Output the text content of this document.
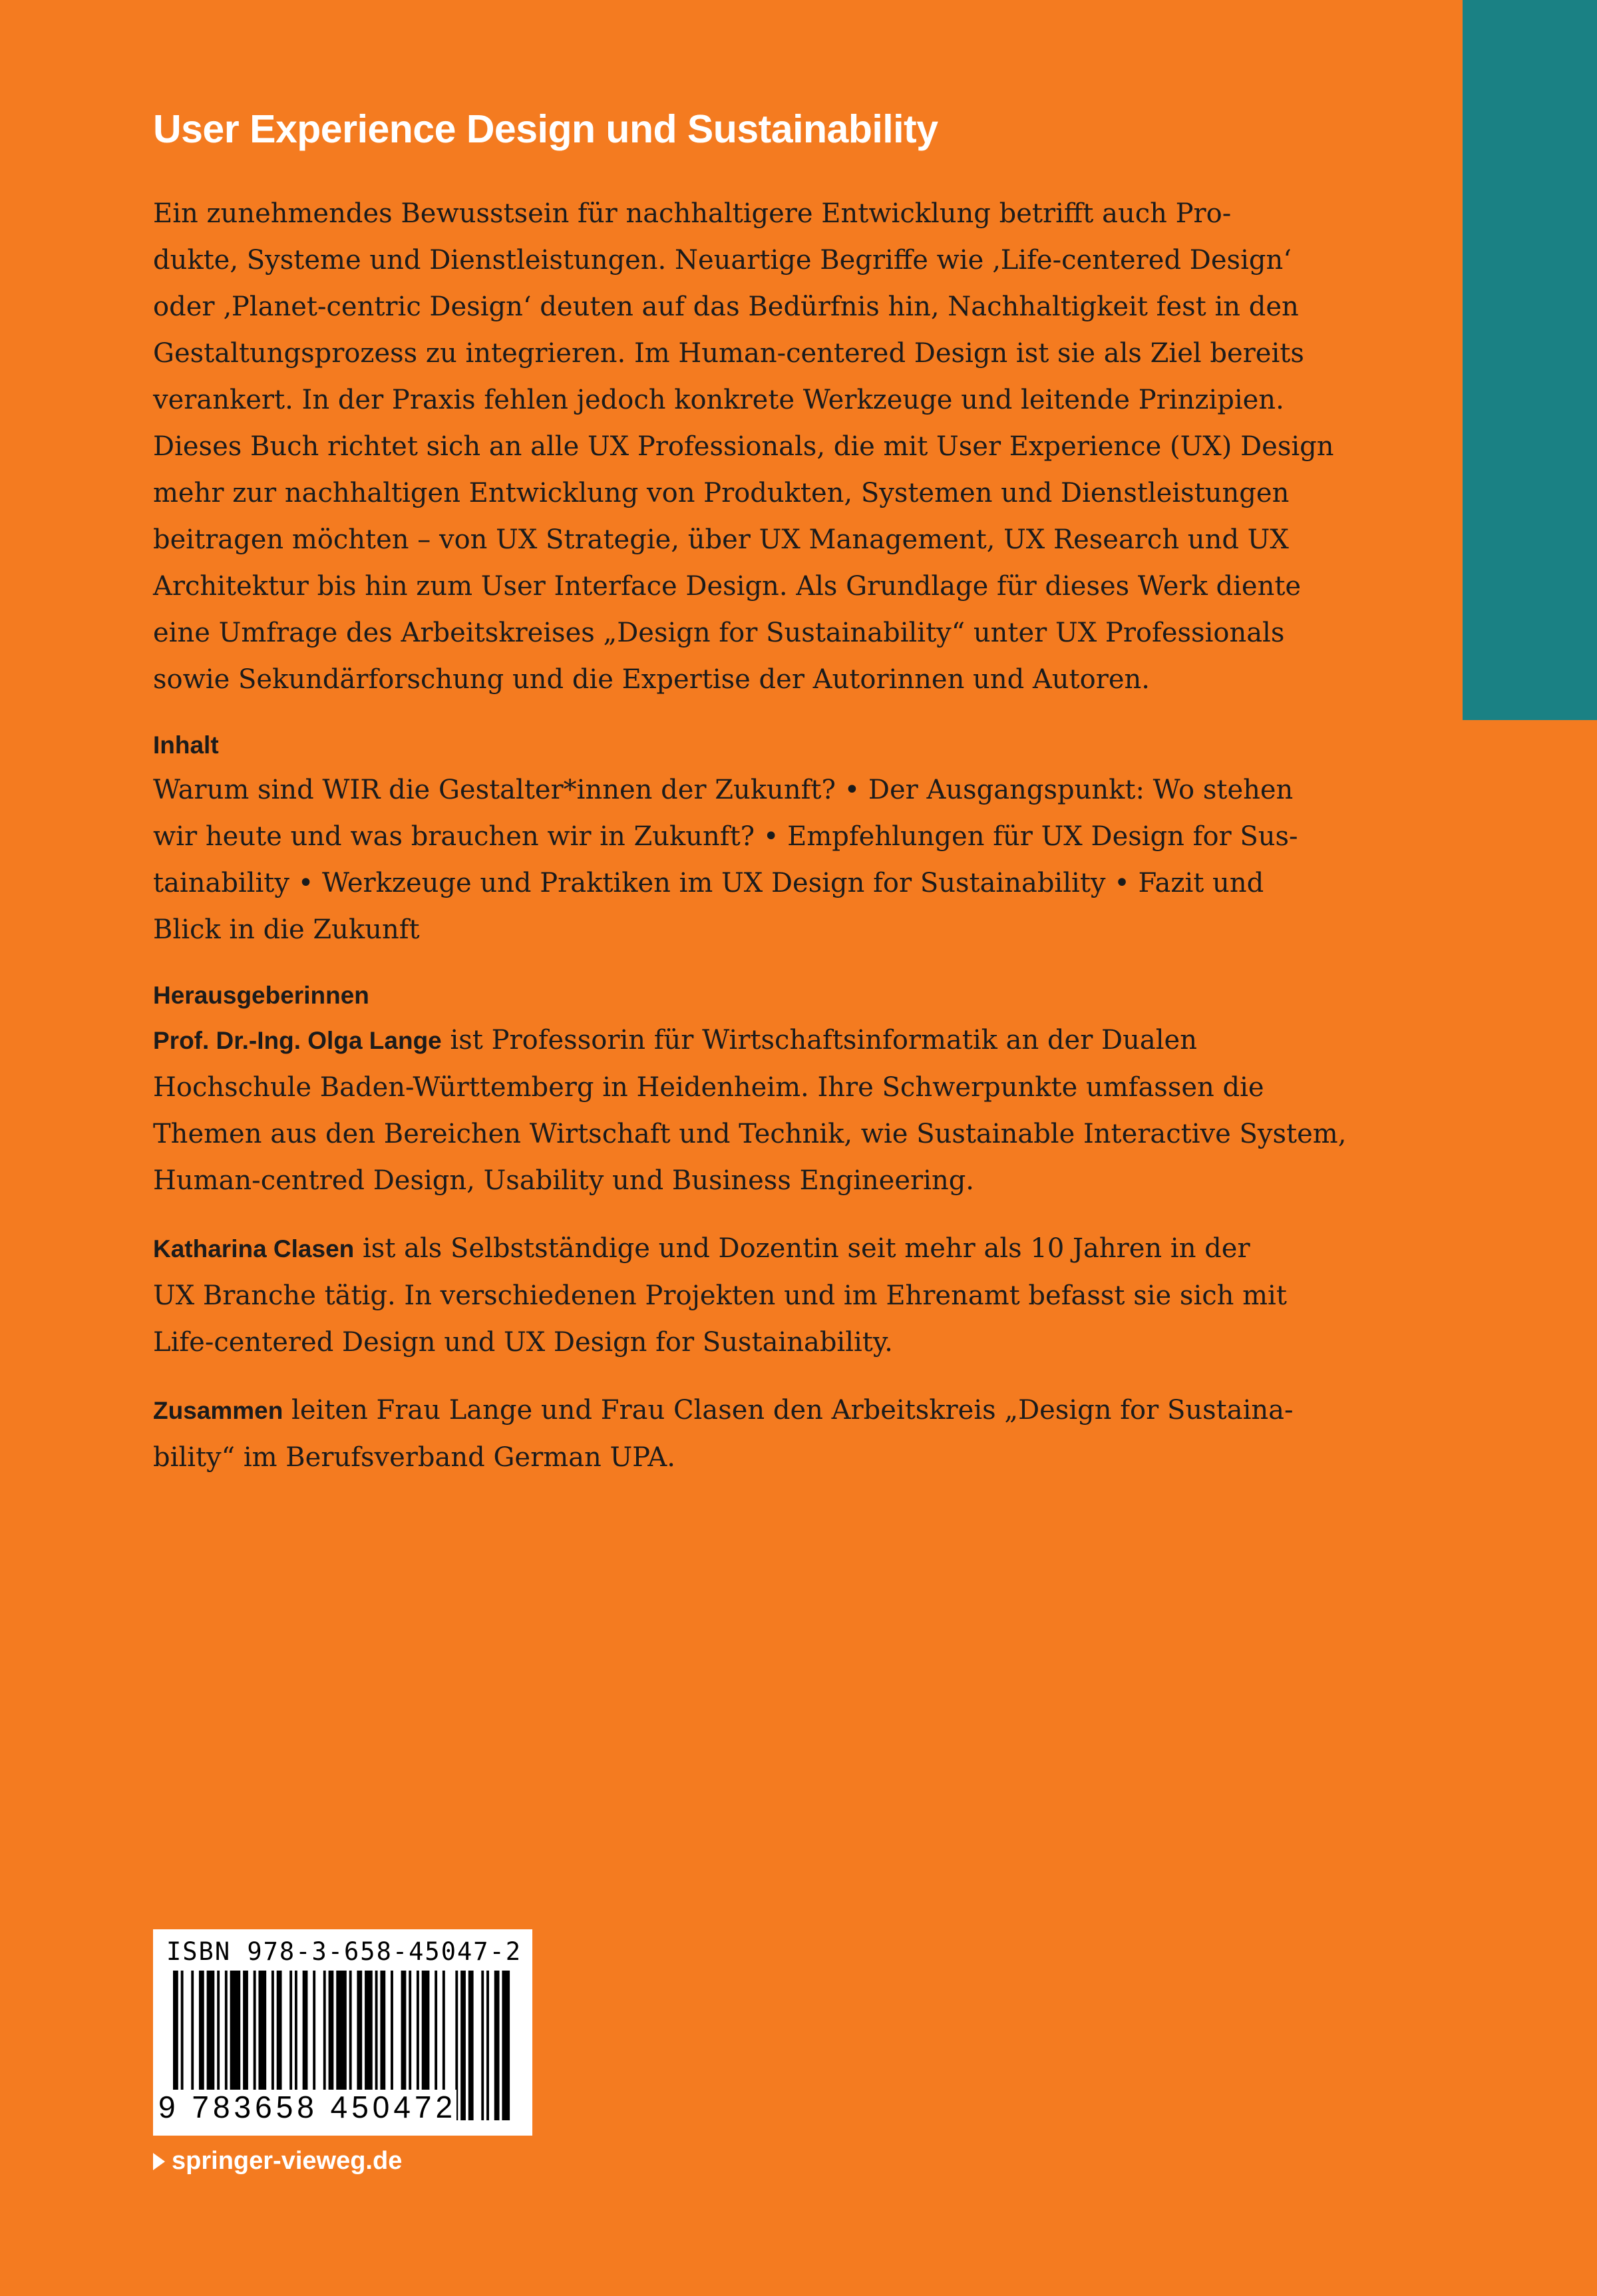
User Experience Design und Sustainability

Ein zunehmendes Bewusstsein für nachhaltigere Entwicklung betrifft auch Pro-

dukte, Systeme und Dienstleistungen. Neuartige Begriffe wie ‚Life-centered Design‘

oder ‚Planet-centric Design‘ deuten auf das Bedürfnis hin, Nachhaltigkeit fest in den

Gestaltungsprozess zu integrieren. Im Human-centered Design ist sie als Ziel bereits

verankert. In der Praxis fehlen jedoch konkrete Werkzeuge und leitende Prinzipien.

Dieses Buch richtet sich an alle UX Professionals, die mit User Experience (UX) Design

mehr zur nachhaltigen Entwicklung von Produkten, Systemen und Dienstleistungen

beitragen möchten – von UX Strategie, über UX Management, UX Research und UX

Architektur bis hin zum User Interface Design. Als Grundlage für dieses Werk diente

eine Umfrage des Arbeitskreises „Design for Sustainability“ unter UX Professionals

sowie Sekundärforschung und die Expertise der Autorinnen und Autoren.

Inhalt

Warum sind WIR die Gestalter*innen der Zukunft? • Der Ausgangspunkt: Wo stehen

wir heute und was brauchen wir in Zukunft? • Empfehlungen für UX Design for Sus-

tainability • Werkzeuge und Praktiken im UX Design for Sustainability • Fazit und

Blick in die Zukunft

Herausgeberinnen

Prof. Dr.-Ing. Olga Lange ist Professorin für Wirtschaftsinformatik an der Dualen

Hochschule Baden-Württemberg in Heidenheim. Ihre Schwerpunkte umfassen die

Themen aus den Bereichen Wirtschaft und Technik, wie Sustainable Interactive System,

Human-centred Design, Usability und Business Engineering.

Katharina Clasen ist als Selbstständige und Dozentin seit mehr als 10 Jahren in der

UX Branche tätig. In verschiedenen Projekten und im Ehrenamt befasst sie sich mit

Life-centered Design und UX Design for Sustainability.

Zusammen leiten Frau Lange und Frau Clasen den Arbeitskreis „Design for Sustaina-

bility“ im Berufsverband German UPA.

ISBN 978-3-658-45047-2
9 783658 450472
springer-vieweg.de
